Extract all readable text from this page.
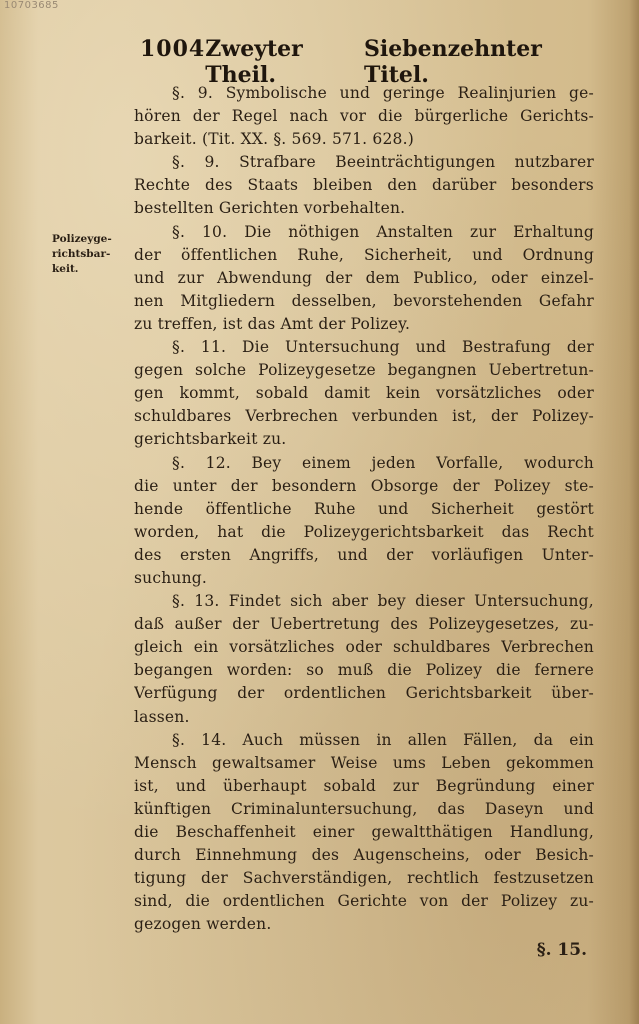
10703685
1004 Zweyter Theil.
Siebenzehnter Titel.
Polizeyge-
richtsbar-
keit.
§. 9. Symbolische und geringe Realinjurien ge-
hören der Regel nach vor die bürgerliche Gerichts-
barkeit. (Tit. XX. §. 569. 571. 628.)
§. 9. Strafbare Beeinträchtigungen nutzbarer
Rechte des Staats bleiben den darüber besonders
bestellten Gerichten vorbehalten.
§. 10. Die nöthigen Anstalten zur Erhaltung
der öffentlichen Ruhe, Sicherheit, und Ordnung
und zur Abwendung der dem Publico, oder einzel-
nen Mitgliedern desselben, bevorstehenden Gefahr
zu treffen, ist das Amt der Polizey.
§. 11. Die Untersuchung und Bestrafung der
gegen solche Polizeygesetze begangnen Uebertretun-
gen kommt, sobald damit kein vorsätzliches oder
schuldbares Verbrechen verbunden ist, der Polizey-
gerichtsbarkeit zu.
§. 12. Bey einem jeden Vorfalle, wodurch
die unter der besondern Obsorge der Polizey ste-
hende öffentliche Ruhe und Sicherheit gestört
worden, hat die Polizeygerichtsbarkeit das Recht
des ersten Angriffs, und der vorläufigen Unter-
suchung.
§. 13. Findet sich aber bey dieser Untersuchung,
daß außer der Uebertretung des Polizeygesetzes, zu-
gleich ein vorsätzliches oder schuldbares Verbrechen
begangen worden: so muß die Polizey die fernere
Verfügung der ordentlichen Gerichtsbarkeit über-
lassen.
§. 14. Auch müssen in allen Fällen, da ein
Mensch gewaltsamer Weise ums Leben gekommen
ist, und überhaupt sobald zur Begründung einer
künftigen Criminaluntersuchung, das Daseyn und
die Beschaffenheit einer gewaltthätigen Handlung,
durch Einnehmung des Augenscheins, oder Besich-
tigung der Sachverständigen, rechtlich festzusetzen
sind, die ordentlichen Gerichte von der Polizey zu-
gezogen werden.
§. 15.
